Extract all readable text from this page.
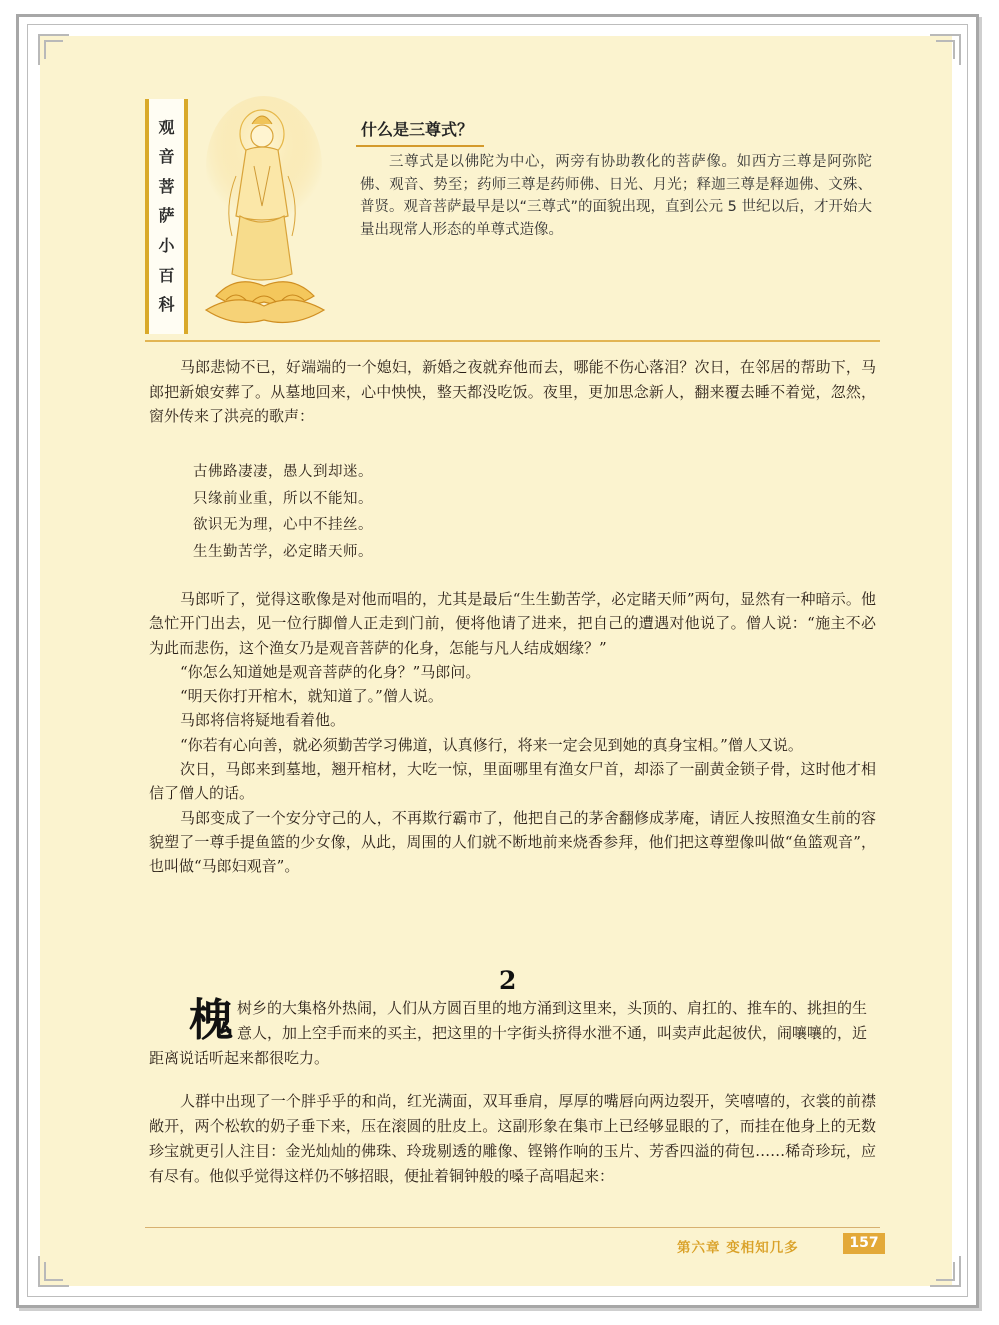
观
音
菩
萨
小
百
科
什么是三尊式？
三尊式是以佛陀为中心，两旁有协助教化的菩萨像。如西方三尊是阿弥陀佛、观音、势至；药师三尊是药师佛、日光、月光；释迦三尊是释迦佛、文殊、普贤。观音菩萨最早是以“三尊式”的面貌出现，直到公元 5 世纪以后，才开始大量出现常人形态的单尊式造像。

马郎悲恸不已，好端端的一个媳妇，新婚之夜就弃他而去，哪能不伤心落泪？次日，在邻居的帮助下，马郎把新娘安葬了。从墓地回来，心中怏怏，整天都没吃饭。夜里，更加思念新人，翻来覆去睡不着觉，忽然，窗外传来了洪亮的歌声：

古佛路凄凄，愚人到却迷。
只缘前业重，所以不能知。
欲识无为理，心中不挂丝。
生生勤苦学，必定睹天师。

马郎听了，觉得这歌像是对他而唱的，尤其是最后“生生勤苦学，必定睹天师”两句，显然有一种暗示。他急忙开门出去，见一位行脚僧人正走到门前，便将他请了进来，把自己的遭遇对他说了。僧人说：“施主不必为此而悲伤，这个渔女乃是观音菩萨的化身，怎能与凡人结成姻缘？”

“你怎么知道她是观音菩萨的化身？”马郎问。

“明天你打开棺木，就知道了。”僧人说。

马郎将信将疑地看着他。

“你若有心向善，就必须勤苦学习佛道，认真修行，将来一定会见到她的真身宝相。”僧人又说。

次日，马郎来到墓地，翘开棺材，大吃一惊，里面哪里有渔女尸首，却添了一副黄金锁子骨，这时他才相信了僧人的话。

马郎变成了一个安分守己的人，不再欺行霸市了，他把自己的茅舍翻修成茅庵，请匠人按照渔女生前的容貌塑了一尊手提鱼篮的少女像，从此，周围的人们就不断地前来烧香参拜，他们把这尊塑像叫做“鱼篮观音”，也叫做“马郎妇观音”。

2
槐 树乡的大集格外热闹，人们从方圆百里的地方涌到这里来，头顶的、肩扛的、推车的、挑担的生意人，加上空手而来的买主，把这里的十字街头挤得水泄不通，叫卖声此起彼伏，闹嚷嚷的，近距离说话听起来都很吃力。

人群中出现了一个胖乎乎的和尚，红光满面，双耳垂肩，厚厚的嘴唇向两边裂开，笑嘻嘻的，衣裳的前襟敞开，两个松软的奶子垂下来，压在滚圆的肚皮上。这副形象在集市上已经够显眼的了，而挂在他身上的无数珍宝就更引人注目：金光灿灿的佛珠、玲珑剔透的雕像、铿锵作响的玉片、芳香四溢的荷包……稀奇珍玩，应有尽有。他似乎觉得这样仍不够招眼，便扯着铜钟般的嗓子高唱起来：

第六章 变相知几多	157
